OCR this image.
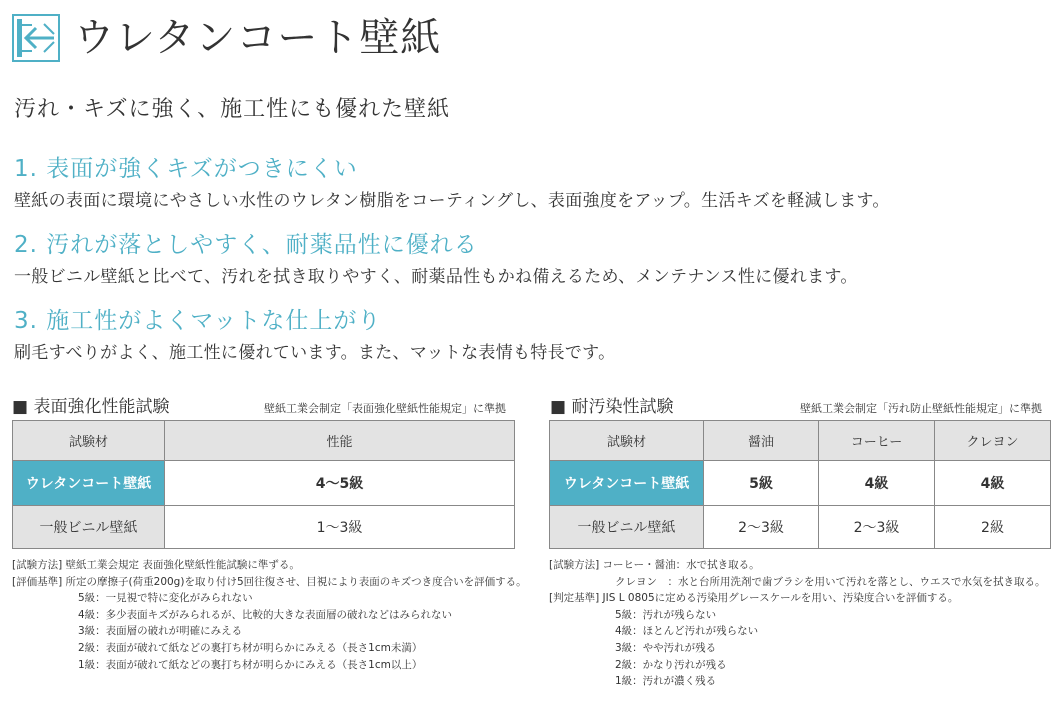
ウレタンコート壁紙
汚れ・キズに強く、施工性にも優れた壁紙
1. 表面が強くキズがつきにくい
壁紙の表面に環境にやさしい水性のウレタン樹脂をコーティングし、表面強度をアップ。生活キズを軽減します。
2. 汚れが落としやすく、耐薬品性に優れる
一般ビニル壁紙と比べて、汚れを拭き取りやすく、耐薬品性もかね備えるため、メンテナンス性に優れます。
3. 施工性がよくマットな仕上がり
刷毛すべりがよく、施工性に優れています。また、マットな表情も特長です。
■ 表面強化性能試験	壁紙工業会制定「表面強化壁紙性能規定」に準拠
試験材	性能
ウレタンコート壁紙	4～5級
一般ビニル壁紙	1～3級
[試験方法] 壁紙工業会規定 表面強化壁紙性能試験に準ずる。
[評価基準] 所定の摩擦子(荷重200g)を取り付け5回往復させ、目視により表面のキズつき度合いを評価する。
5級：一見視で特に変化がみられない
4級：多少表面キズがみられるが、比較的大きな表面層の破れなどはみられない
3級：表面層の破れが明確にみえる
2級：表面が破れて紙などの裏打ち材が明らかにみえる（長さ1cm未満）
1級：表面が破れて紙などの裏打ち材が明らかにみえる（長さ1cm以上）
■ 耐汚染性試験	壁紙工業会制定「汚れ防止壁紙性能規定」に準拠
試験材	醤油	コーヒー	クレヨン
ウレタンコート壁紙	5級	4級	4級
一般ビニル壁紙	2～3級	2～3級	2級
[試験方法] コーヒー・醤油：水で拭き取る。
クレヨン　：水と台所用洗剤で歯ブラシを用いて汚れを落とし、ウエスで水気を拭き取る。
[判定基準] JIS L 0805に定める汚染用グレースケールを用い、汚染度合いを評価する。
5級：汚れが残らない
4級：ほとんど汚れが残らない
3級：やや汚れが残る
2級：かなり汚れが残る
1級：汚れが濃く残る
